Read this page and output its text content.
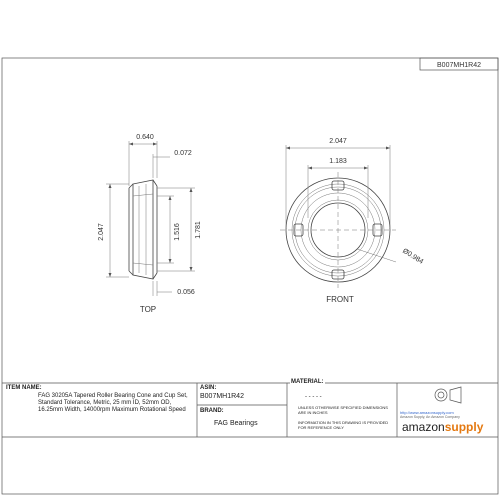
B007MH1R42
0.640
0.072
2.047	1.516 1.781
0.056
TOP
2.047
1.183
Ø0.984
FRONT
ITEM NAME:
FAG 30205A Tapered Roller Bearing Cone and Cup Set, Standard Tolerance, Metric, 25 mm ID, 52mm OD, 16.25mm Width, 14000rpm Maximum Rotational Speed
ASIN:
B007MH1R42
BRAND:
FAG Bearings
MATERIAL:
- - - - -
UNLESS OTHERWISE SPECIFIED DIMENSIONS ARE IN INCHES
INFORMATION IN THIS DRAWING IS PROVIDED FOR REFERENCE ONLY
http://www.amazonsupply.com
Amazon Supply, An Amazon Company
amazonsupply
